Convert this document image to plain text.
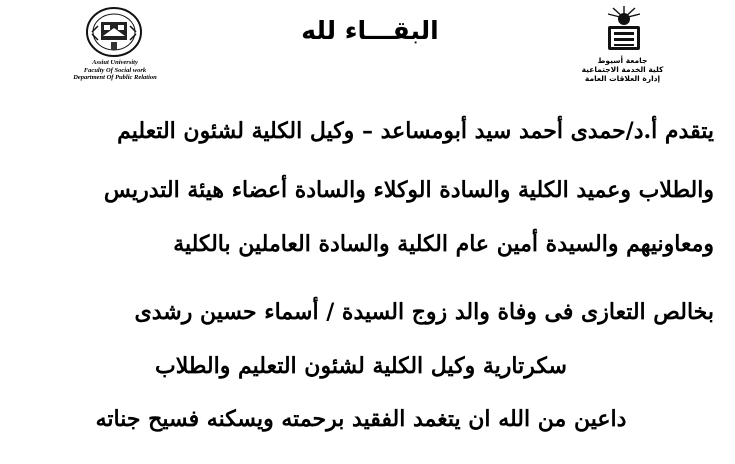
Assiut University
Faculty Of Social work
Department Of Public Relation
جامعة أسيوط
كلية الخدمة الاجتماعية
إدارة العلاقات العامة
البقـــاء لله
يتقدم أ.د/حمدى أحمد سيد أبومساعد – وكيل الكلية لشئون التعليم
والطلاب وعميد الكلية والسادة الوكلاء والسادة أعضاء هيئة التدريس
ومعاونيهم والسيدة أمين عام الكلية والسادة العاملين بالكلية
بخالص التعازى فى وفاة والد زوج السيدة / أسماء حسين رشدى
سكرتارية وكيل الكلية لشئون التعليم والطلاب
داعين من الله ان يتغمد الفقيد برحمته ويسكنه فسيح جناته
